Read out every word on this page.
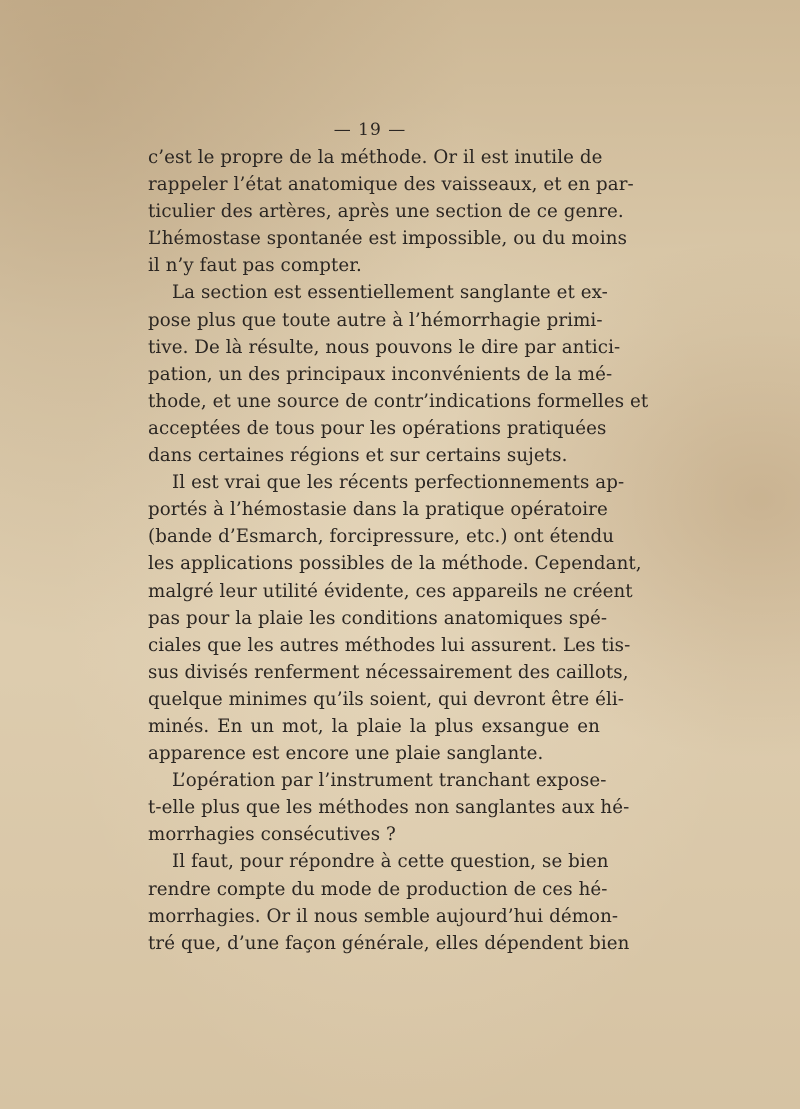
— 19 —
c’est le propre de la méthode. Or il est inutile de
rappeler l’état anatomique des vaisseaux, et en par-
ticulier des artères, après une section de ce genre.
L’hémostase spontanée est impossible, ou du moins
il n’y faut pas compter.
La section est essentiellement sanglante et ex-
pose plus que toute autre à l’hémorrhagie primi-
tive. De là résulte, nous pouvons le dire par antici-
pation, un des principaux inconvénients de la mé-
thode, et une source de contr’indications formelles et
acceptées de tous pour les opérations pratiquées
dans certaines régions et sur certains sujets.
Il est vrai que les récents perfectionnements ap-
portés à l’hémostasie dans la pratique opératoire
(bande d’Esmarch, forcipressure, etc.) ont étendu
les applications possibles de la méthode. Cependant,
malgré leur utilité évidente, ces appareils ne créent
pas pour la plaie les conditions anatomiques spé-
ciales que les autres méthodes lui assurent. Les tis-
sus divisés renferment nécessairement des caillots,
quelque minimes qu’ils soient, qui devront être éli-
minés. En un mot, la plaie la plus exsangue en
apparence est encore une plaie sanglante.
L’opération par l’instrument tranchant expose-
t-elle plus que les méthodes non sanglantes aux hé-
morrhagies consécutives ?
Il faut, pour répondre à cette question, se bien
rendre compte du mode de production de ces hé-
morrhagies. Or il nous semble aujourd’hui démon-
tré que, d’une façon générale, elles dépendent bien
